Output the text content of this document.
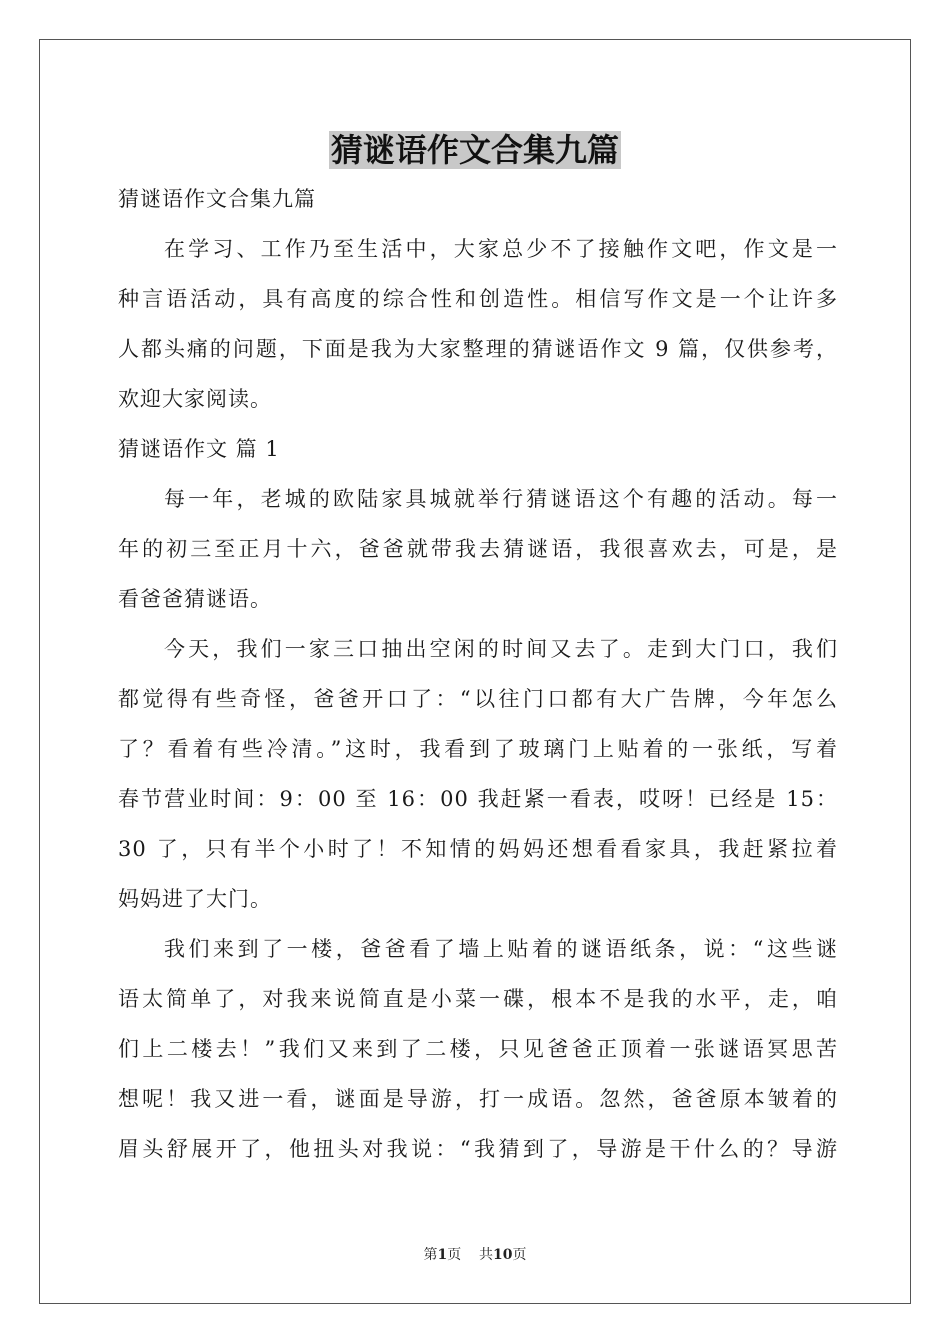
猜谜语作文合集九篇
猜谜语作文合集九篇
在学习、工作乃至生活中，大家总少不了接触作文吧，作文是一
种言语活动，具有高度的综合性和创造性。相信写作文是一个让许多
人都头痛的问题，下面是我为大家整理的猜谜语作文 9 篇，仅供参考，
欢迎大家阅读。
猜谜语作文 篇 1
每一年，老城的欧陆家具城就举行猜谜语这个有趣的活动。每一
年的初三至正月十六，爸爸就带我去猜谜语，我很喜欢去，可是，是
看爸爸猜谜语。
今天，我们一家三口抽出空闲的时间又去了。走到大门口，我们
都觉得有些奇怪，爸爸开口了：“以往门口都有大广告牌，今年怎么
了？看着有些冷清。”这时，我看到了玻璃门上贴着的一张纸，写着
春节营业时间：9：00 至 16：00 我赶紧一看表，哎呀！已经是 15：
30 了，只有半个小时了！不知情的妈妈还想看看家具，我赶紧拉着
妈妈进了大门。
我们来到了一楼，爸爸看了墙上贴着的谜语纸条，说：“这些谜
语太简单了，对我来说简直是小菜一碟，根本不是我的水平，走，咱
们上二楼去！”我们又来到了二楼，只见爸爸正顶着一张谜语冥思苦
想呢！我又进一看，谜面是导游，打一成语。忽然，爸爸原本皱着的
眉头舒展开了，他扭头对我说：“我猜到了，导游是干什么的？导游
第1页 共10页
